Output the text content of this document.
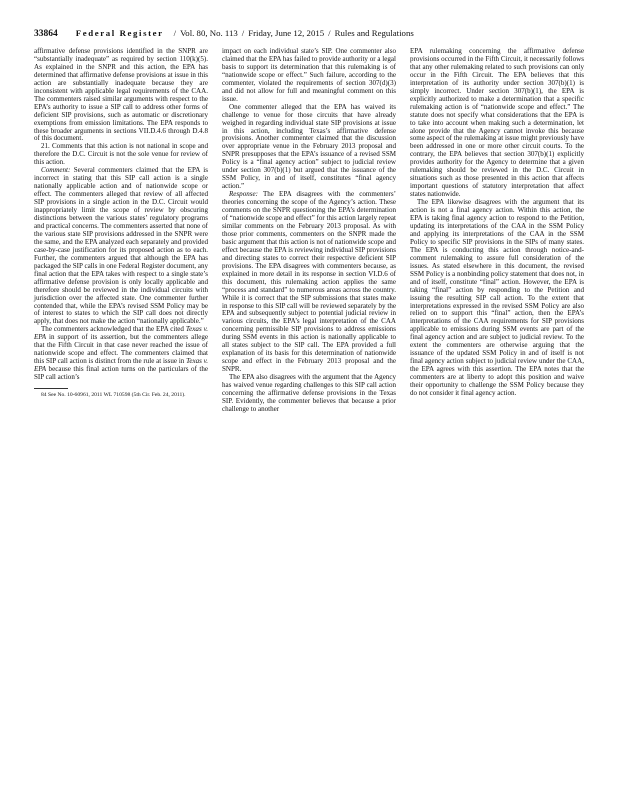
33864 Federal Register / Vol. 80, No. 113 / Friday, June 12, 2015 / Rules and Regulations

affirmative defense provisions identified in the SNPR are “substantially inadequate” as required by section 110(k)(5). As explained in the SNPR and this action, the EPA has determined that affirmative defense provisions at issue in this action are substantially inadequate because they are inconsistent with applicable legal requirements of the CAA. The commenters raised similar arguments with respect to the EPA’s authority to issue a SIP call to address other forms of deficient SIP provisions, such as automatic or discretionary exemptions from emission limitations. The EPA responds to these broader arguments in sections VII.D.4.6 through D.4.8 of this document.

21. Comments that this action is not national in scope and therefore the D.C. Circuit is not the sole venue for review of this action.

Comment: Several commenters claimed that the EPA is incorrect in stating that this SIP call action is a single nationally applicable action and of nationwide scope or effect. The commenters alleged that review of all affected SIP provisions in a single action in the D.C. Circuit would inappropriately limit the scope of review by obscuring distinctions between the various states’ regulatory programs and practical concerns. The commenters asserted that none of the various state SIP provisions addressed in the SNPR were the same, and the EPA analyzed each separately and provided case-by-case justification for its proposed action as to each. Further, the commenters argued that although the EPA has packaged the SIP calls in one Federal Register document, any final action that the EPA takes with respect to a single state’s affirmative defense provision is only locally applicable and therefore should be reviewed in the individual circuits with jurisdiction over the affected state. One commenter further contended that, while the EPA’s revised SSM Policy may be of interest to states to which the SIP call does not directly apply, that does not make the action “nationally applicable.”

The commenters acknowledged that the EPA cited Texas v. EPA in support of its assertion, but the commenters allege that the Fifth Circuit in that case never reached the issue of nationwide scope and effect. The commenters claimed that this SIP call action is distinct from the rule at issue in Texas v. EPA because this final action turns on the particulars of the SIP call action’s

84 See No. 10-60961, 2011 WL 710598 (5th Cir. Feb. 24, 2011).

impact on each individual state’s SIP. One commenter also claimed that the EPA has failed to provide authority or a legal basis to support its determination that this rulemaking is of “nationwide scope or effect.” Such failure, according to the commenter, violated the requirements of section 307(d)(3) and did not allow for full and meaningful comment on this issue.

One commenter alleged that the EPA has waived its challenge to venue for those circuits that have already weighed in regarding individual state SIP provisions at issue in this action, including Texas’s affirmative defense provisions. Another commenter claimed that the discussion over appropriate venue in the February 2013 proposal and SNPR presupposes that the EPA’s issuance of a revised SSM Policy is a “final agency action” subject to judicial review under section 307(b)(1) but argued that the issuance of the SSM Policy, in and of itself, constitutes “final agency action.”

Response: The EPA disagrees with the commenters’ theories concerning the scope of the Agency’s action. These comments on the SNPR questioning the EPA’s determination of “nationwide scope and effect” for this action largely repeat similar comments on the February 2013 proposal. As with those prior comments, commenters on the SNPR made the basic argument that this action is not of nationwide scope and effect because the EPA is reviewing individual SIP provisions and directing states to correct their respective deficient SIP provisions. The EPA disagrees with commenters because, as explained in more detail in its response in section VI.D.6 of this document, this rulemaking action applies the same “process and standard” to numerous areas across the country. While it is correct that the SIP submissions that states make in response to this SIP call will be reviewed separately by the EPA and subsequently subject to potential judicial review in various circuits, the EPA’s legal interpretation of the CAA concerning permissible SIP provisions to address emissions during SSM events in this action is nationally applicable to all states subject to the SIP call. The EPA provided a full explanation of its basis for this determination of nationwide scope and effect in the February 2013 proposal and the SNPR.

The EPA also disagrees with the argument that the Agency has waived venue regarding challenges to this SIP call action concerning the affirmative defense provisions in the Texas SIP. Evidently, the commenter believes that because a prior challenge to another

EPA rulemaking concerning the affirmative defense provisions occurred in the Fifth Circuit, it necessarily follows that any other rulemaking related to such provisions can only occur in the Fifth Circuit. The EPA believes that this interpretation of its authority under section 307(b)(1) is simply incorrect. Under section 307(b)(1), the EPA is explicitly authorized to make a determination that a specific rulemaking action is of “nationwide scope and effect.” The statute does not specify what considerations that the EPA is to take into account when making such a determination, let alone provide that the Agency cannot invoke this because some aspect of the rulemaking at issue might previously have been addressed in one or more other circuit courts. To the contrary, the EPA believes that section 307(b)(1) explicitly provides authority for the Agency to determine that a given rulemaking should be reviewed in the D.C. Circuit in situations such as those presented in this action that affects important questions of statutory interpretation that affect states nationwide.

The EPA likewise disagrees with the argument that its action is not a final agency action. Within this action, the EPA is taking final agency action to respond to the Petition, updating its interpretations of the CAA in the SSM Policy and applying its interpretations of the CAA in the SSM Policy to specific SIP provisions in the SIPs of many states. The EPA is conducting this action through notice-and-comment rulemaking to assure full consideration of the issues. As stated elsewhere in this document, the revised SSM Policy is a nonbinding policy statement that does not, in and of itself, constitute “final” action. However, the EPA is taking “final” action by responding to the Petition and issuing the resulting SIP call action. To the extent that interpretations expressed in the revised SSM Policy are also relied on to support this “final” action, then the EPA’s interpretations of the CAA requirements for SIP provisions applicable to emissions during SSM events are part of the final agency action and are subject to judicial review. To the extent the commenters are otherwise arguing that the issuance of the updated SSM Policy in and of itself is not final agency action subject to judicial review under the CAA, the EPA agrees with this assertion. The EPA notes that the commenters are at liberty to adopt this position and waive their opportunity to challenge the SSM Policy because they do not consider it final agency action.
